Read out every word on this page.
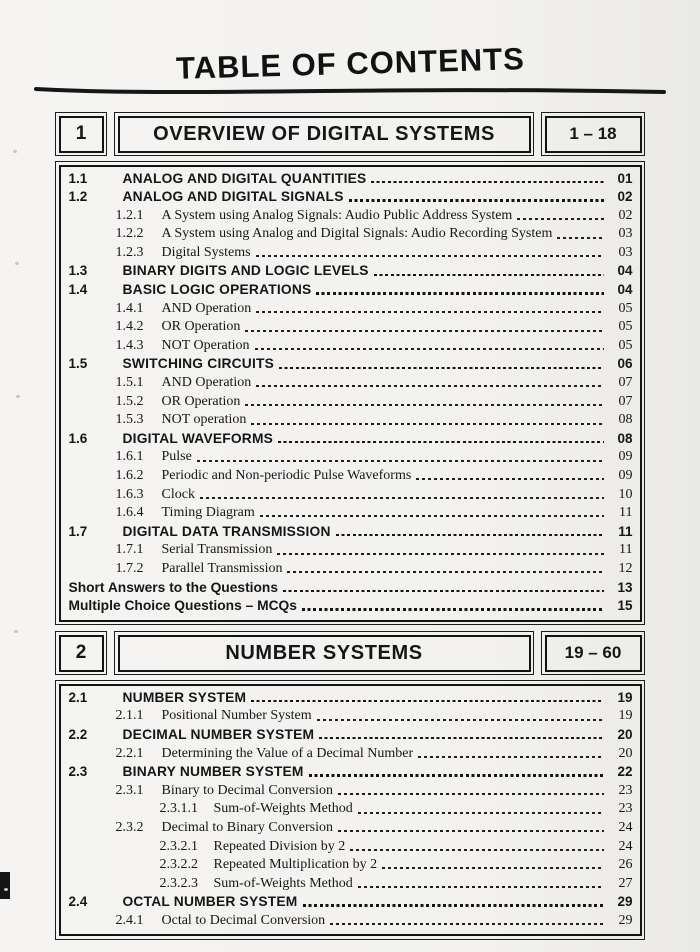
TABLE OF CONTENTS
1	OVERVIEW OF DIGITAL SYSTEMS	1 – 18
1.1	ANALOG AND DIGITAL QUANTITIES	01
1.2	ANALOG AND DIGITAL SIGNALS	02
1.2.1	A System using Analog Signals: Audio Public Address System	02
1.2.2	A System using Analog and Digital Signals: Audio Recording System	03
1.2.3	Digital Systems	03
1.3	BINARY DIGITS AND LOGIC LEVELS	04
1.4	BASIC LOGIC OPERATIONS	04
1.4.1	AND Operation	05
1.4.2	OR Operation	05
1.4.3	NOT Operation	05
1.5	SWITCHING CIRCUITS	06
1.5.1	AND Operation	07
1.5.2	OR Operation	07
1.5.3	NOT operation	08
1.6	DIGITAL WAVEFORMS	08
1.6.1	Pulse	09
1.6.2	Periodic and Non-periodic Pulse Waveforms	09
1.6.3	Clock	10
1.6.4	Timing Diagram	11
1.7	DIGITAL DATA TRANSMISSION	11
1.7.1	Serial Transmission	11
1.7.2	Parallel Transmission	12
Short Answers to the Questions	13
Multiple Choice Questions – MCQs	15
2	NUMBER SYSTEMS	19 – 60
2.1	NUMBER SYSTEM	19
2.1.1	Positional Number System	19
2.2	DECIMAL NUMBER SYSTEM	20
2.2.1	Determining the Value of a Decimal Number	20
2.3	BINARY NUMBER SYSTEM	22
2.3.1	Binary to Decimal Conversion	23
2.3.1.1	Sum-of-Weights Method	23
2.3.2	Decimal to Binary Conversion	24
2.3.2.1	Repeated Division by 2	24
2.3.2.2	Repeated Multiplication by 2	26
2.3.2.3	Sum-of-Weights Method	27
2.4	OCTAL NUMBER SYSTEM	29
2.4.1	Octal to Decimal Conversion	29
